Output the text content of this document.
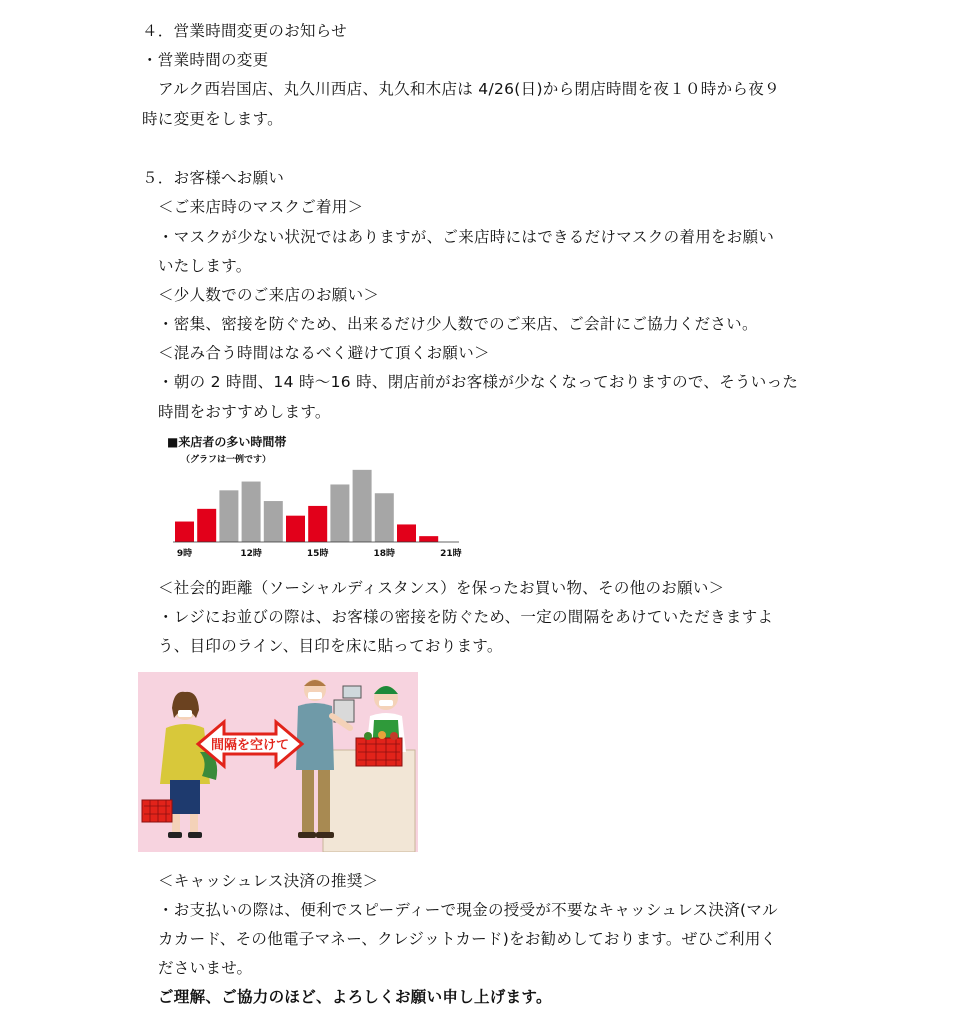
４．営業時間変更のお知らせ
・営業時間の変更
アルク西岩国店、丸久川西店、丸久和木店は 4/26(日)から閉店時間を夜１０時から夜９
時に変更をします。
５．お客様へお願い
＜ご来店時のマスクご着用＞
・マスクが少ない状況ではありますが、ご来店時にはできるだけマスクの着用をお願い
いたします。
＜少人数でのご来店のお願い＞
・密集、密接を防ぐため、出来るだけ少人数でのご来店、ご会計にご協力ください。
＜混み合う時間はなるべく避けて頂くお願い＞
・朝の 2 時間、14 時～16 時、閉店前がお客様が少なくなっておりますので、そういった
時間をおすすめします。
■来店者の多い時間帯
（グラフは一例です）
9時	12時	15時	18時	21時
＜社会的距離（ソーシャルディスタンス）を保ったお買い物、その他のお願い＞
・レジにお並びの際は、お客様の密接を防ぐため、一定の間隔をあけていただきますよ
う、目印のライン、目印を床に貼っております。
間隔を空けて
＜キャッシュレス決済の推奨＞
・お支払いの際は、便利でスピーディーで現金の授受が不要なキャッシュレス決済(マル
カカード、その他電子マネー、クレジットカード)をお勧めしております。ぜひご利用く
ださいませ。
ご理解、ご協力のほど、よろしくお願い申し上げます。
